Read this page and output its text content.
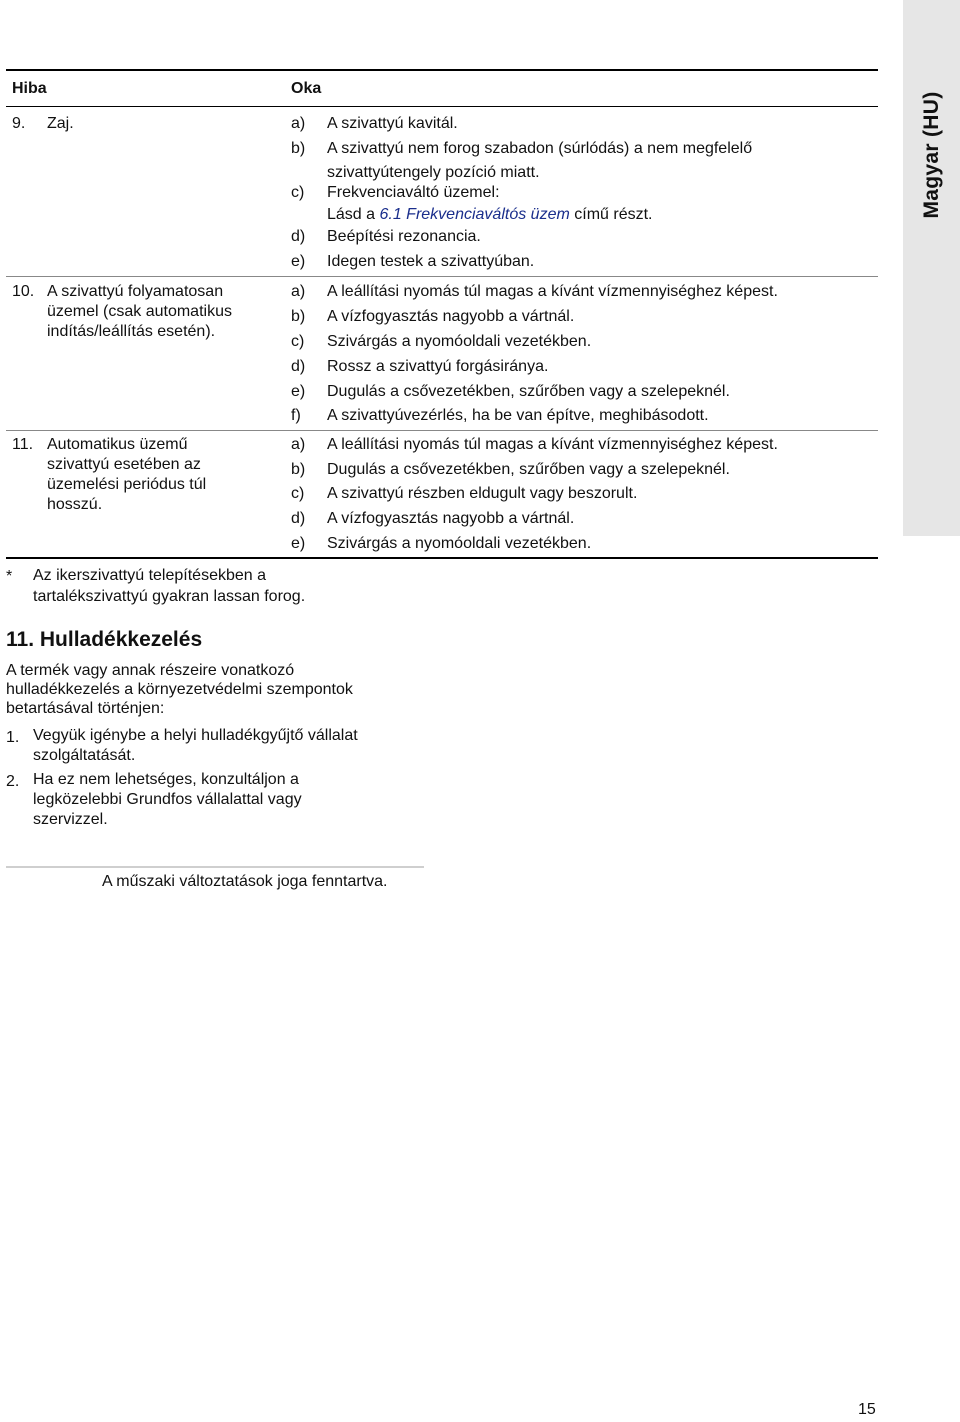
Magyar (HU)
Hiba	Oka
9. Zaj.	a) A szivattyú kavitál.
b) A szivattyú nem forog szabadon (súrlódás) a nem megfelelő szivattyútengely pozíció miatt.
c) Frekvenciaváltó üzemel:
Lásd a 6.1 Frekvenciaváltós üzem című részt.
d) Beépítési rezonancia.
e) Idegen testek a szivattyúban.
10. A szivattyú folyamatosan üzemel (csak automatikus indítás/leállítás esetén).
a) A leállítási nyomás túl magas a kívánt vízmennyiséghez képest.
b) A vízfogyasztás nagyobb a vártnál.
c) Szivárgás a nyomóoldali vezetékben.
d) Rossz a szivattyú forgásiránya.
e) Dugulás a csővezetékben, szűrőben vagy a szelepeknél.
f) A szivattyúvezérlés, ha be van építve, meghibásodott.
11. Automatikus üzemű szivattyú esetében az üzemelési periódus túl hosszú.
a) A leállítási nyomás túl magas a kívánt vízmennyiséghez képest.
b) Dugulás a csővezetékben, szűrőben vagy a szelepeknél.
c) A szivattyú részben eldugult vagy beszorult.
d) A vízfogyasztás nagyobb a vártnál.
e) Szivárgás a nyomóoldali vezetékben.
* Az ikerszivattyú telepítésekben a tartalékszivattyú gyakran lassan forog.
11. Hulladékkezelés
A termék vagy annak részeire vonatkozó hulladékkezelés a környezetvédelmi szempontok betartásával történjen:
1. Vegyük igénybe a helyi hulladékgyűjtő vállalat szolgáltatását.
2. Ha ez nem lehetséges, konzultáljon a legközelebbi Grundfos vállalattal vagy szervizzel.
A műszaki változtatások joga fenntartva.
15
